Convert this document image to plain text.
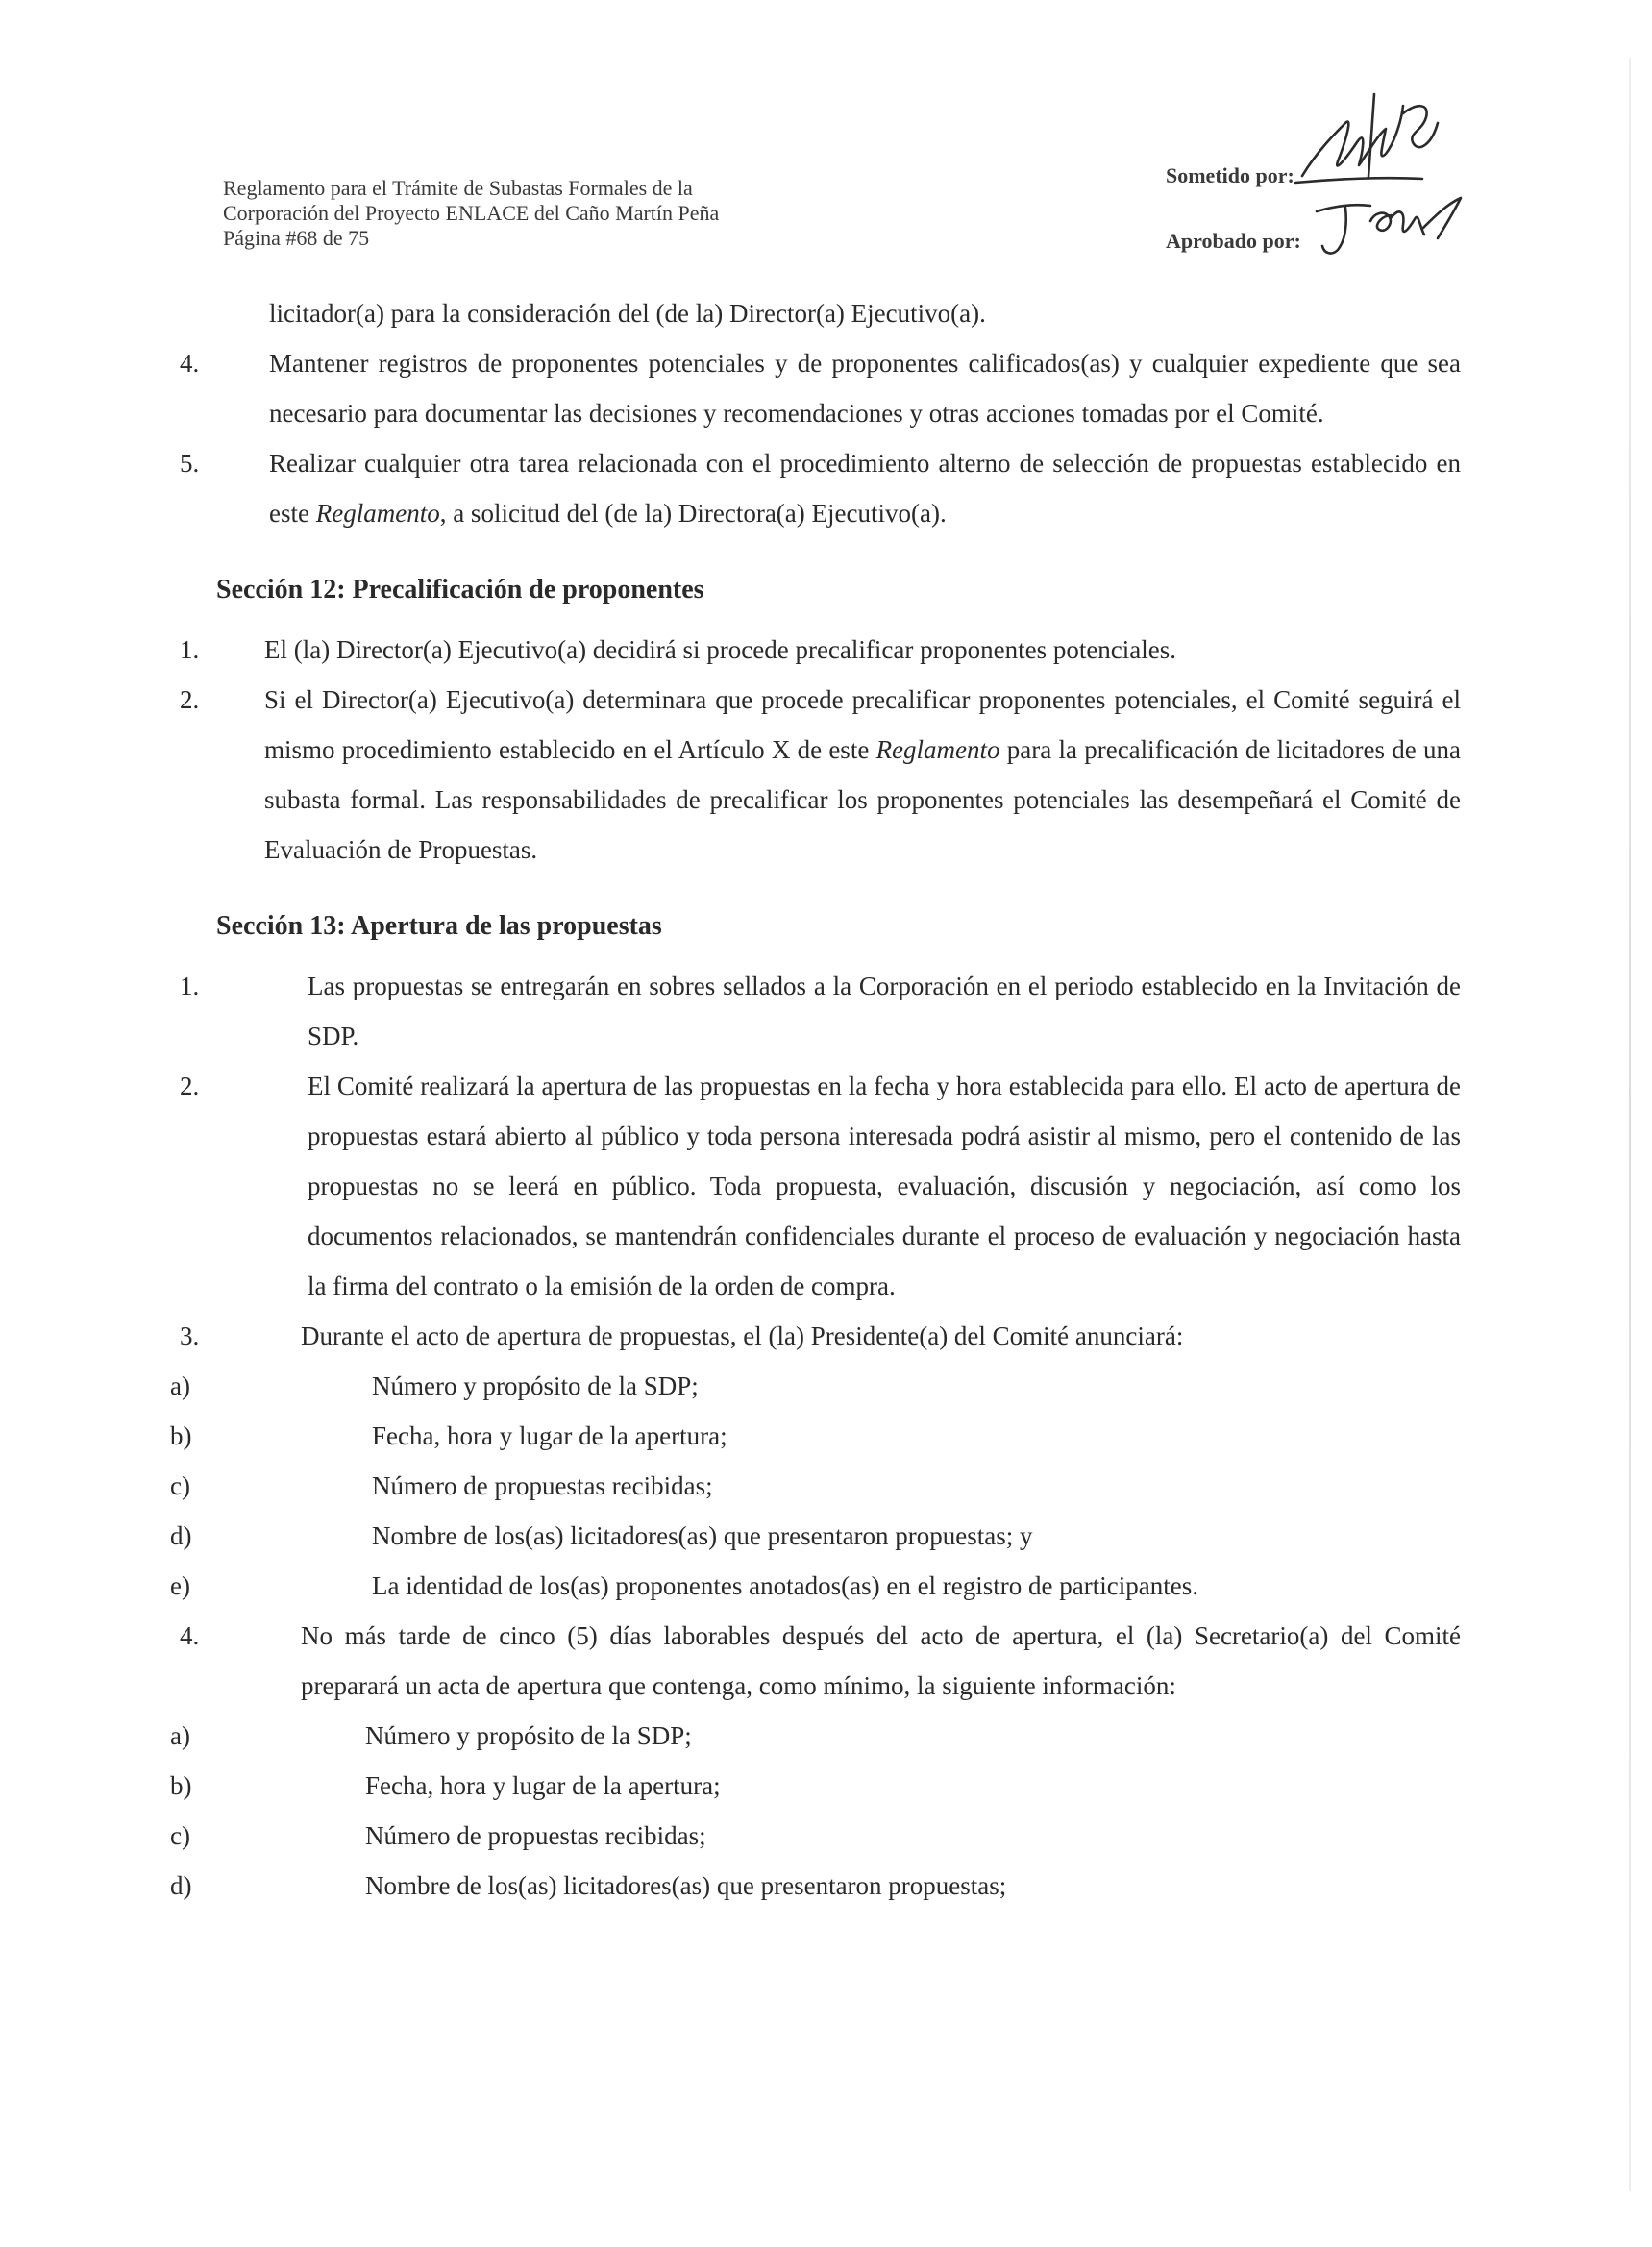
Reglamento para el Trámite de Subastas Formales de la
Corporación del Proyecto ENLACE del Caño Martín Peña
Página #68 de 75
Sometido por:
Aprobado por:

licitador(a) para la consideración del (de la) Director(a) Ejecutivo(a).

4.	Mantener registros de proponentes potenciales y de proponentes calificados(as) y cualquier expediente que sea necesario para documentar las decisiones y recomendaciones y otras acciones tomadas por el Comité.

5.	Realizar cualquier otra tarea relacionada con el procedimiento alterno de selección de propuestas establecido en este Reglamento, a solicitud del (de la) Directora(a) Ejecutivo(a).

Sección 12: Precalificación de proponentes

1.	El (la) Director(a) Ejecutivo(a) decidirá si procede precalificar proponentes potenciales.

2.	Si el Director(a) Ejecutivo(a) determinara que procede precalificar proponentes potenciales, el Comité seguirá el mismo procedimiento establecido en el Artículo X de este Reglamento para la precalificación de licitadores de una subasta formal. Las responsabilidades de precalificar los proponentes potenciales las desempeñará el Comité de Evaluación de Propuestas.

Sección 13: Apertura de las propuestas

1.	Las propuestas se entregarán en sobres sellados a la Corporación en el periodo establecido en la Invitación de SDP.

2.	El Comité realizará la apertura de las propuestas en la fecha y hora establecida para ello. El acto de apertura de propuestas estará abierto al público y toda persona interesada podrá asistir al mismo, pero el contenido de las propuestas no se leerá en público. Toda propuesta, evaluación, discusión y negociación, así como los documentos relacionados, se mantendrán confidenciales durante el proceso de evaluación y negociación hasta la firma del contrato o la emisión de la orden de compra.

3.	Durante el acto de apertura de propuestas, el (la) Presidente(a) del Comité anunciará:

a)	Número y propósito de la SDP;

b)	Fecha, hora y lugar de la apertura;

c)	Número de propuestas recibidas;

d)	Nombre de los(as) licitadores(as) que presentaron propuestas; y

e)	La identidad de los(as) proponentes anotados(as) en el registro de participantes.

4.	No más tarde de cinco (5) días laborables después del acto de apertura, el (la) Secretario(a) del Comité preparará un acta de apertura que contenga, como mínimo, la siguiente información:

a)	Número y propósito de la SDP;

b)	Fecha, hora y lugar de la apertura;

c)	Número de propuestas recibidas;

d)	Nombre de los(as) licitadores(as) que presentaron propuestas;
